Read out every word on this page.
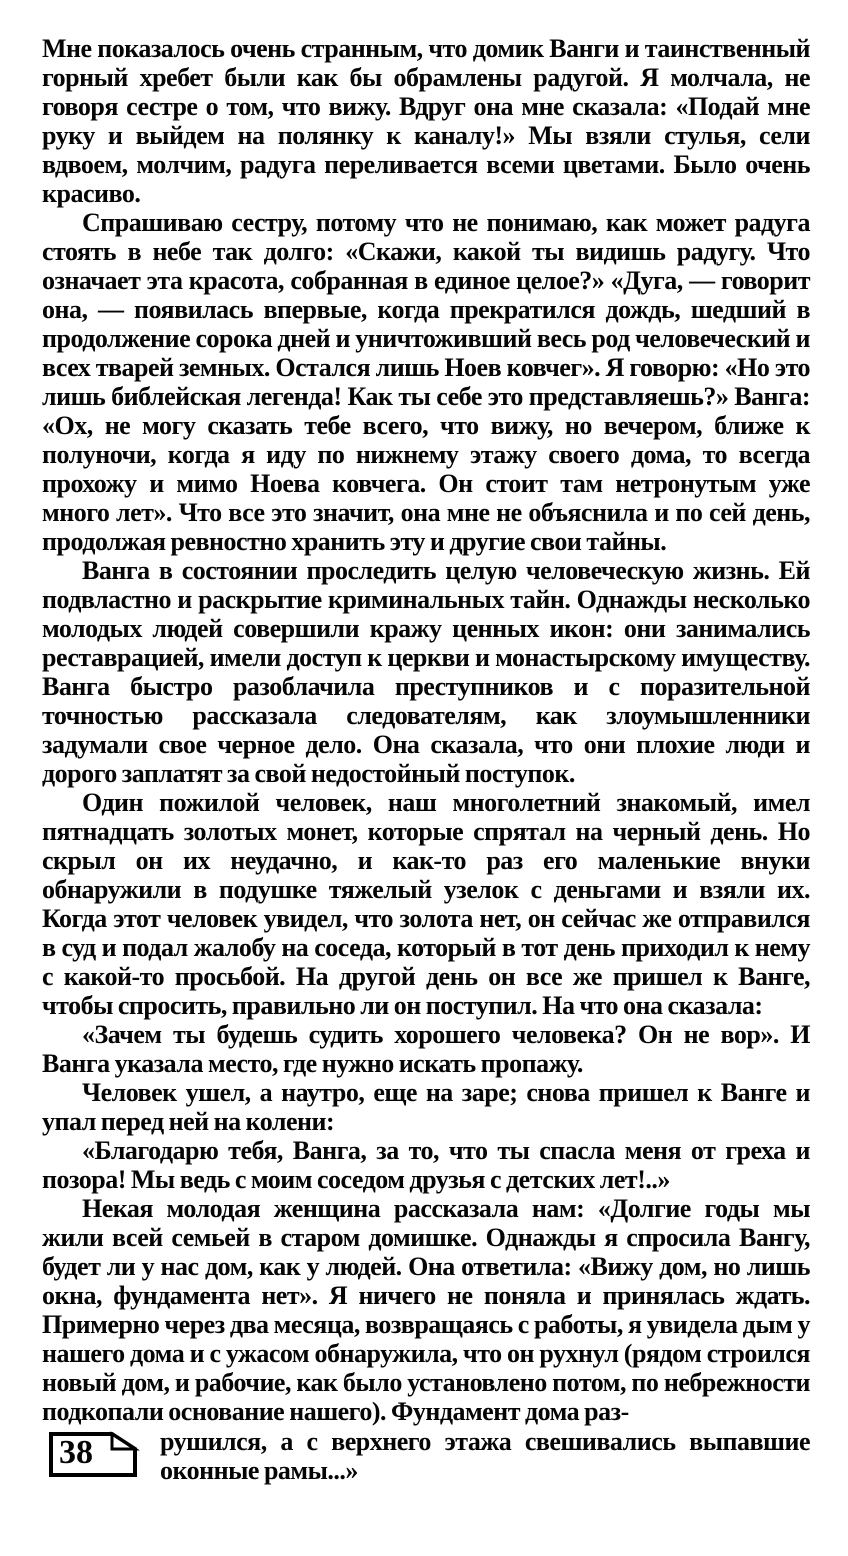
Мне показалось очень странным, что домик Ванги и таинственный горный хребет были как бы обрамлены радугой. Я молчала, не говоря сестре о том, что вижу. Вдруг она мне сказала: «Подай мне руку и выйдем на полянку к каналу!» Мы взяли стулья, сели вдвоем, молчим, радуга переливается всеми цветами. Было очень красиво.

Спрашиваю сестру, потому что не понимаю, как может радуга стоять в небе так долго: «Скажи, какой ты видишь радугу. Что означает эта красота, собранная в единое целое?» «Дуга, — говорит она, — появилась впервые, когда прекратился дождь, шедший в продолжение сорока дней и уничтоживший весь род человеческий и всех тварей земных. Остался лишь Ноев ковчег». Я говорю: «Но это лишь библейская легенда! Как ты себе это представляешь?» Ванга: «Ох, не могу сказать тебе всего, что вижу, но вечером, ближе к полуночи, когда я иду по нижнему этажу своего дома, то всегда прохожу и мимо Ноева ковчега. Он стоит там нетронутым уже много лет». Что все это значит, она мне не объяснила и по сей день, продолжая ревностно хранить эту и другие свои тайны.

Ванга в состоянии проследить целую человеческую жизнь. Ей подвластно и раскрытие криминальных тайн. Однажды несколько молодых людей совершили кражу ценных икон: они занимались реставрацией, имели доступ к церкви и монастырскому имуществу. Ванга быстро разоблачила преступников и с поразительной точностью рассказала следователям, как злоумышленники задумали свое черное дело. Она сказала, что они плохие люди и дорого заплатят за свой недостойный поступок.

Один пожилой человек, наш многолетний знакомый, имел пятнадцать золотых монет, которые спрятал на черный день. Но скрыл он их неудачно, и как-то раз его маленькие внуки обнаружили в подушке тяжелый узелок с деньгами и взяли их. Когда этот человек увидел, что золота нет, он сейчас же отправился в суд и подал жалобу на соседа, который в тот день приходил к нему с какой-то просьбой. На другой день он все же пришел к Ванге, чтобы спросить, правильно ли он поступил. На что она сказала:

«Зачем ты будешь судить хорошего человека? Он не вор». И Ванга указала место, где нужно искать пропажу.

Человек ушел, а наутро, еще на заре; снова пришел к Ванге и упал перед ней на колени:

«Благодарю тебя, Ванга, за то, что ты спасла меня от греха и позора! Мы ведь с моим соседом друзья с детских лет!..»

Некая молодая женщина рассказала нам: «Долгие годы мы жили всей семьей в старом домишке. Однажды я спросила Вангу, будет ли у нас дом, как у людей. Она ответила: «Вижу дом, но лишь окна, фундамента нет». Я ничего не поняла и принялась ждать. Примерно через два месяца, возвращаясь с работы, я увидела дым у нашего дома и с ужасом обнаружила, что он рухнул (рядом строился новый дом, и рабочие, как было установлено потом, по небрежности подкопали основание нашего). Фундамент дома раз-

38	рушился, а с верхнего этажа свешивались выпавшие оконные рамы...»
